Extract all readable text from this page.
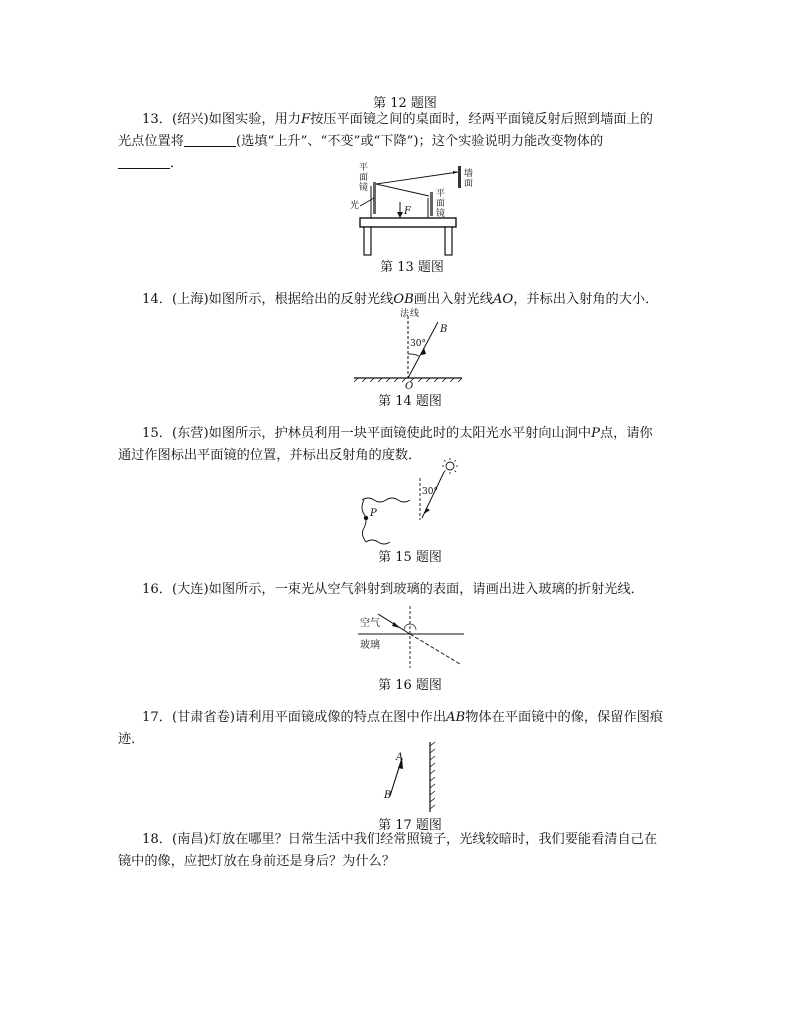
第 12 题图
13．(绍兴)如图实验，用力F按压平面镜之间的桌面时，经两平面镜反射后照到墙面上的
光点位置将	(选填“上升”、“不变”或“下降”)；这个实验说明力能改变物体的
．
F
平
面
镜
平
面
镜
墙
面
光
第 13 题图
14．(上海)如图所示，根据给出的反射光线OB画出入射光线AO，并标出入射角的大小．
法 线
30°
B
O
第 14 题图
15．(东营)如图所示，护林员利用一块平面镜使此时的太阳光水平射向山洞中P点，请你
通过作图标出平面镜的位置，并标出反射角的度数．
P
30°
第 15 题图
16．(大连)如图所示，一束光从空气斜射到玻璃的表面，请画出进入玻璃的折射光线．
空气
玻璃
第 16 题图
17．(甘肃省卷)请利用平面镜成像的特点在图中作出AB物体在平面镜中的像，保留作图痕
迹．
A
B
第 17 题图
18．(南昌)灯放在哪里？日常生活中我们经常照镜子，光线较暗时，我们要能看清自己在
镜中的像，应把灯放在身前还是身后？为什么？
